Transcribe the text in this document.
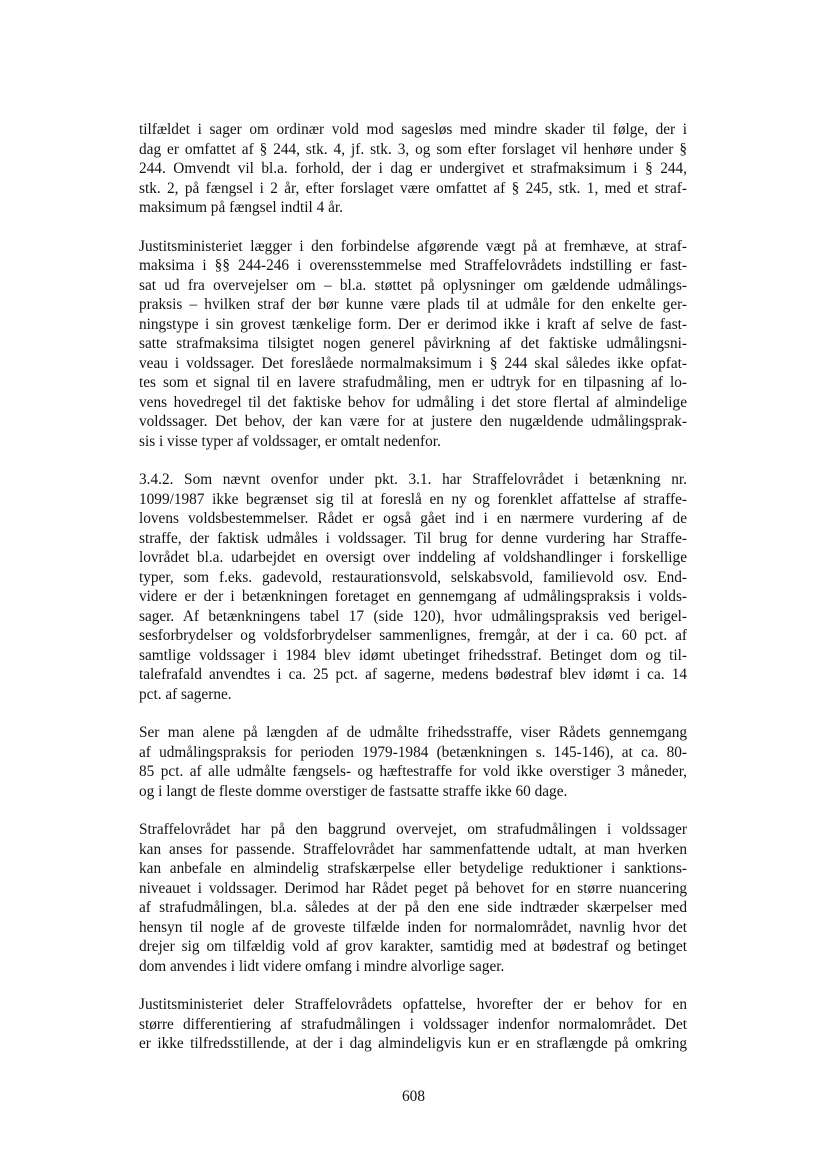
tilfældet i sager om ordinær vold mod sagesløs med mindre skader til følge, der i
dag er omfattet af § 244, stk. 4, jf. stk. 3, og som efter forslaget vil henhøre under §
244. Omvendt vil bl.a. forhold, der i dag er undergivet et strafmaksimum i § 244,
stk. 2, på fængsel i 2 år, efter forslaget være omfattet af § 245, stk. 1, med et straf-
maksimum på fængsel indtil 4 år.

Justitsministeriet lægger i den forbindelse afgørende vægt på at fremhæve, at straf-
maksima i §§ 244-246 i overensstemmelse med Straffelovrådets indstilling er fast-
sat ud fra overvejelser om – bl.a. støttet på oplysninger om gældende udmålings-
praksis – hvilken straf der bør kunne være plads til at udmåle for den enkelte ger-
ningstype i sin grovest tænkelige form. Der er derimod ikke i kraft af selve de fast-
satte strafmaksima tilsigtet nogen generel påvirkning af det faktiske udmålingsni-
veau i voldssager. Det foreslåede normalmaksimum i § 244 skal således ikke opfat-
tes som et signal til en lavere strafudmåling, men er udtryk for en tilpasning af lo-
vens hovedregel til det faktiske behov for udmåling i det store flertal af almindelige
voldssager. Det behov, der kan være for at justere den nugældende udmålingsprak-
sis i visse typer af voldssager, er omtalt nedenfor.

3.4.2. Som nævnt ovenfor under pkt. 3.1. har Straffelovrådet i betænkning nr.
1099/1987 ikke begrænset sig til at foreslå en ny og forenklet affattelse af straffe-
lovens voldsbestemmelser. Rådet er også gået ind i en nærmere vurdering af de
straffe, der faktisk udmåles i voldssager. Til brug for denne vurdering har Straffe-
lovrådet bl.a. udarbejdet en oversigt over inddeling af voldshandlinger i forskellige
typer, som f.eks. gadevold, restaurationsvold, selskabsvold, familievold osv. End-
videre er der i betænkningen foretaget en gennemgang af udmålingspraksis i volds-
sager. Af betænkningens tabel 17 (side 120), hvor udmålingspraksis ved berigel-
sesforbrydelser og voldsforbrydelser sammenlignes, fremgår, at der i ca. 60 pct. af
samtlige voldssager i 1984 blev idømt ubetinget frihedsstraf. Betinget dom og til-
talefrafald anvendtes i ca. 25 pct. af sagerne, medens bødestraf blev idømt i ca. 14
pct. af sagerne.

Ser man alene på længden af de udmålte frihedsstraffe, viser Rådets gennemgang
af udmålingspraksis for perioden 1979-1984 (betænkningen s. 145-146), at ca. 80-
85 pct. af alle udmålte fængsels- og hæftestraffe for vold ikke overstiger 3 måneder,
og i langt de fleste domme overstiger de fastsatte straffe ikke 60 dage.

Straffelovrådet har på den baggrund overvejet, om strafudmålingen i voldssager
kan anses for passende. Straffelovrådet har sammenfattende udtalt, at man hverken
kan anbefale en almindelig strafskærpelse eller betydelige reduktioner i sanktions-
niveauet i voldssager. Derimod har Rådet peget på behovet for en større nuancering
af strafudmålingen, bl.a. således at der på den ene side indtræder skærpelser med
hensyn til nogle af de groveste tilfælde inden for normalområdet, navnlig hvor det
drejer sig om tilfældig vold af grov karakter, samtidig med at bødestraf og betinget
dom anvendes i lidt videre omfang i mindre alvorlige sager.

Justitsministeriet deler Straffelovrådets opfattelse, hvorefter der er behov for en
større differentiering af strafudmålingen i voldssager indenfor normalområdet. Det
er ikke tilfredsstillende, at der i dag almindeligvis kun er en straflængde på omkring

608
